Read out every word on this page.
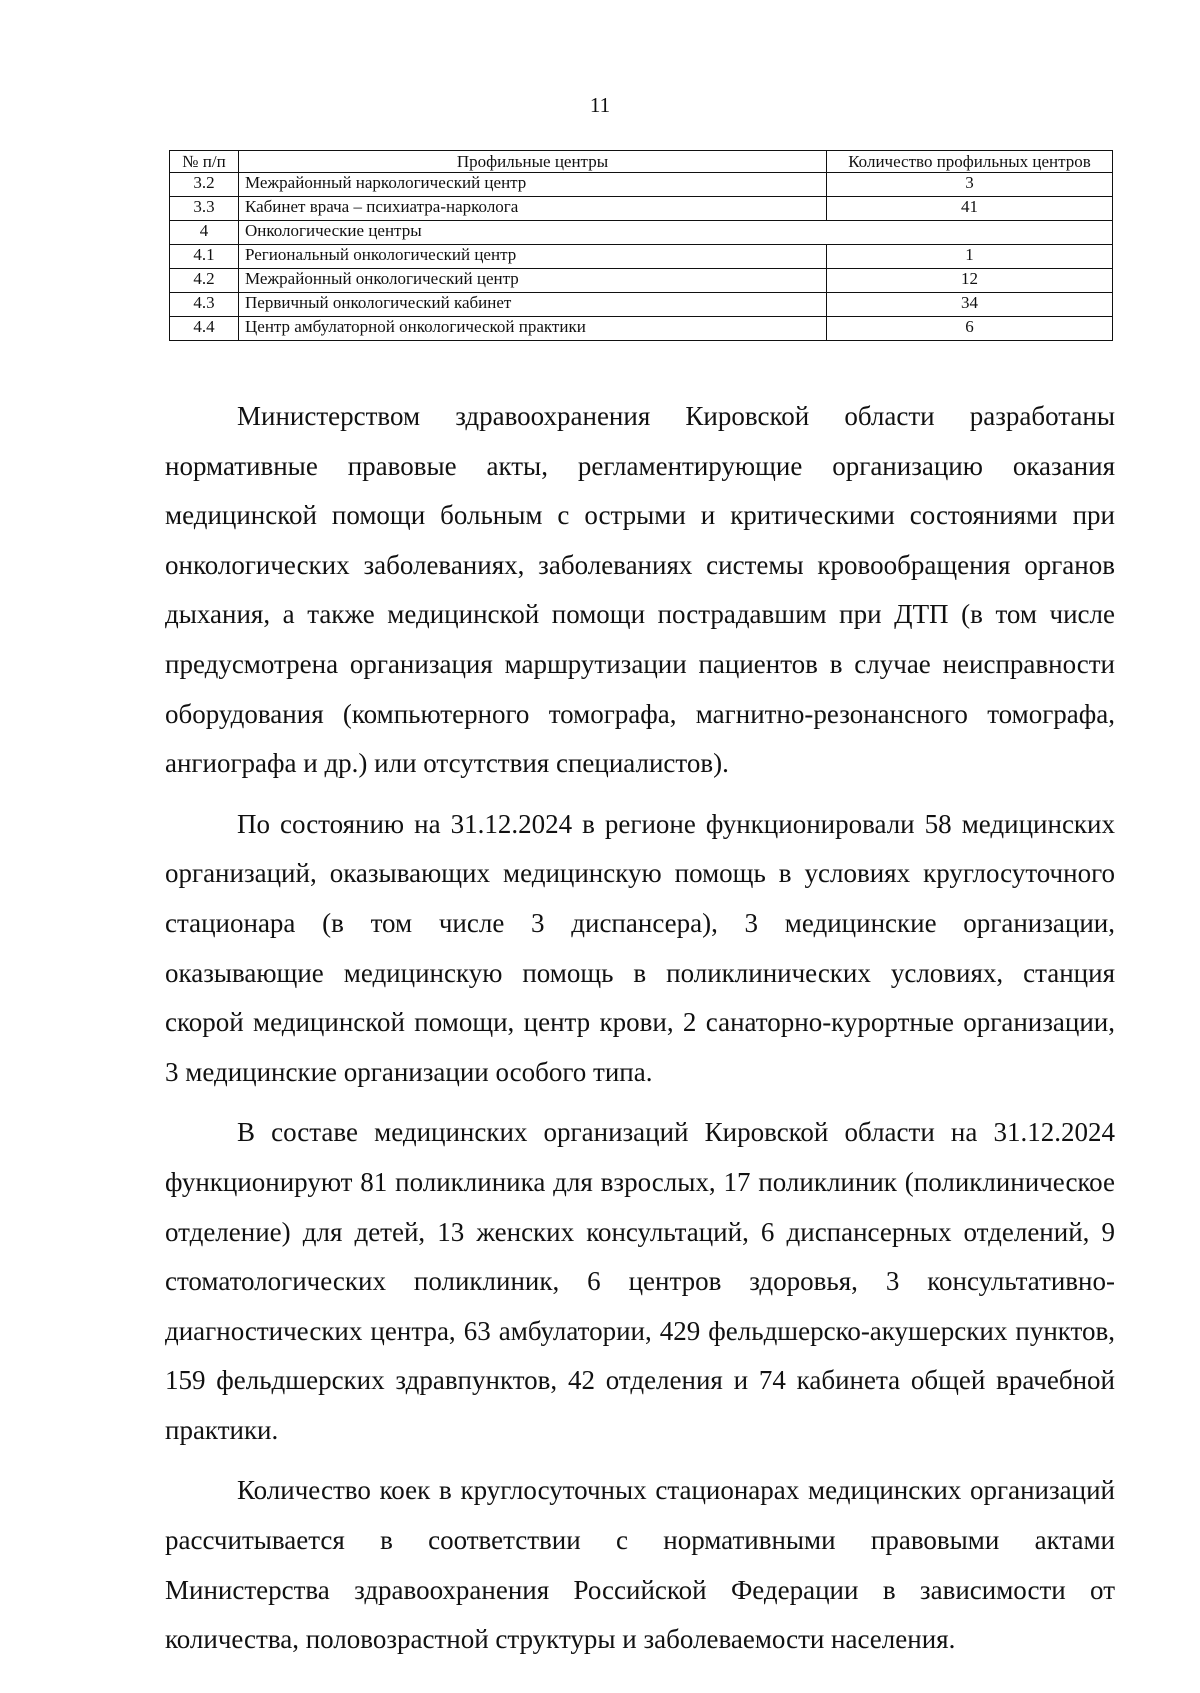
11
№ п/п	Профильные центры	Количество профильных центров
3.2	Межрайонный наркологический центр	3
3.3	Кабинет врача – психиатра-нарколога	41
4	Онкологические центры	
4.1	Региональный онкологический центр	1
4.2	Межрайонный онкологический центр	12
4.3	Первичный онкологический кабинет	34
4.4	Центр амбулаторной онкологической практики	6

Министерством здравоохранения Кировской области разработаны нормативные правовые акты, регламентирующие организацию оказания медицинской помощи больным с острыми и критическими состояниями при онкологических заболеваниях, заболеваниях системы кровообращения органов дыхания, а также медицинской помощи пострадавшим при ДТП (в том числе предусмотрена организация маршрутизации пациентов в случае неисправности оборудования (компьютерного томографа, магнитно-резонансного томографа, ангиографа и др.) или отсутствия специалистов).

По состоянию на 31.12.2024 в регионе функционировали 58 медицинских организаций, оказывающих медицинскую помощь в условиях круглосуточного стационара (в том числе 3 диспансера), 3 медицинские организации, оказывающие медицинскую помощь в поликлинических условиях, станция скорой медицинской помощи, центр крови, 2 санаторно-курортные организации, 3 медицинские организации особого типа.

В составе медицинских организаций Кировской области на 31.12.2024 функционируют 81 поликлиника для взрослых, 17 поликлиник (поликлиническое отделение) для детей, 13 женских консультаций, 6 диспансерных отделений, 9 стоматологических поликлиник, 6 центров здоровья, 3 консультативно-диагностических центра, 63 амбулатории, 429 фельдшерско-акушерских пунктов, 159 фельдшерских здравпунктов, 42 отделения и 74 кабинета общей врачебной практики.

Количество коек в круглосуточных стационарах медицинских организаций рассчитывается в соответствии с нормативными правовыми актами Министерства здравоохранения Российской Федерации в зависимости от количества, половозрастной структуры и заболеваемости населения.
